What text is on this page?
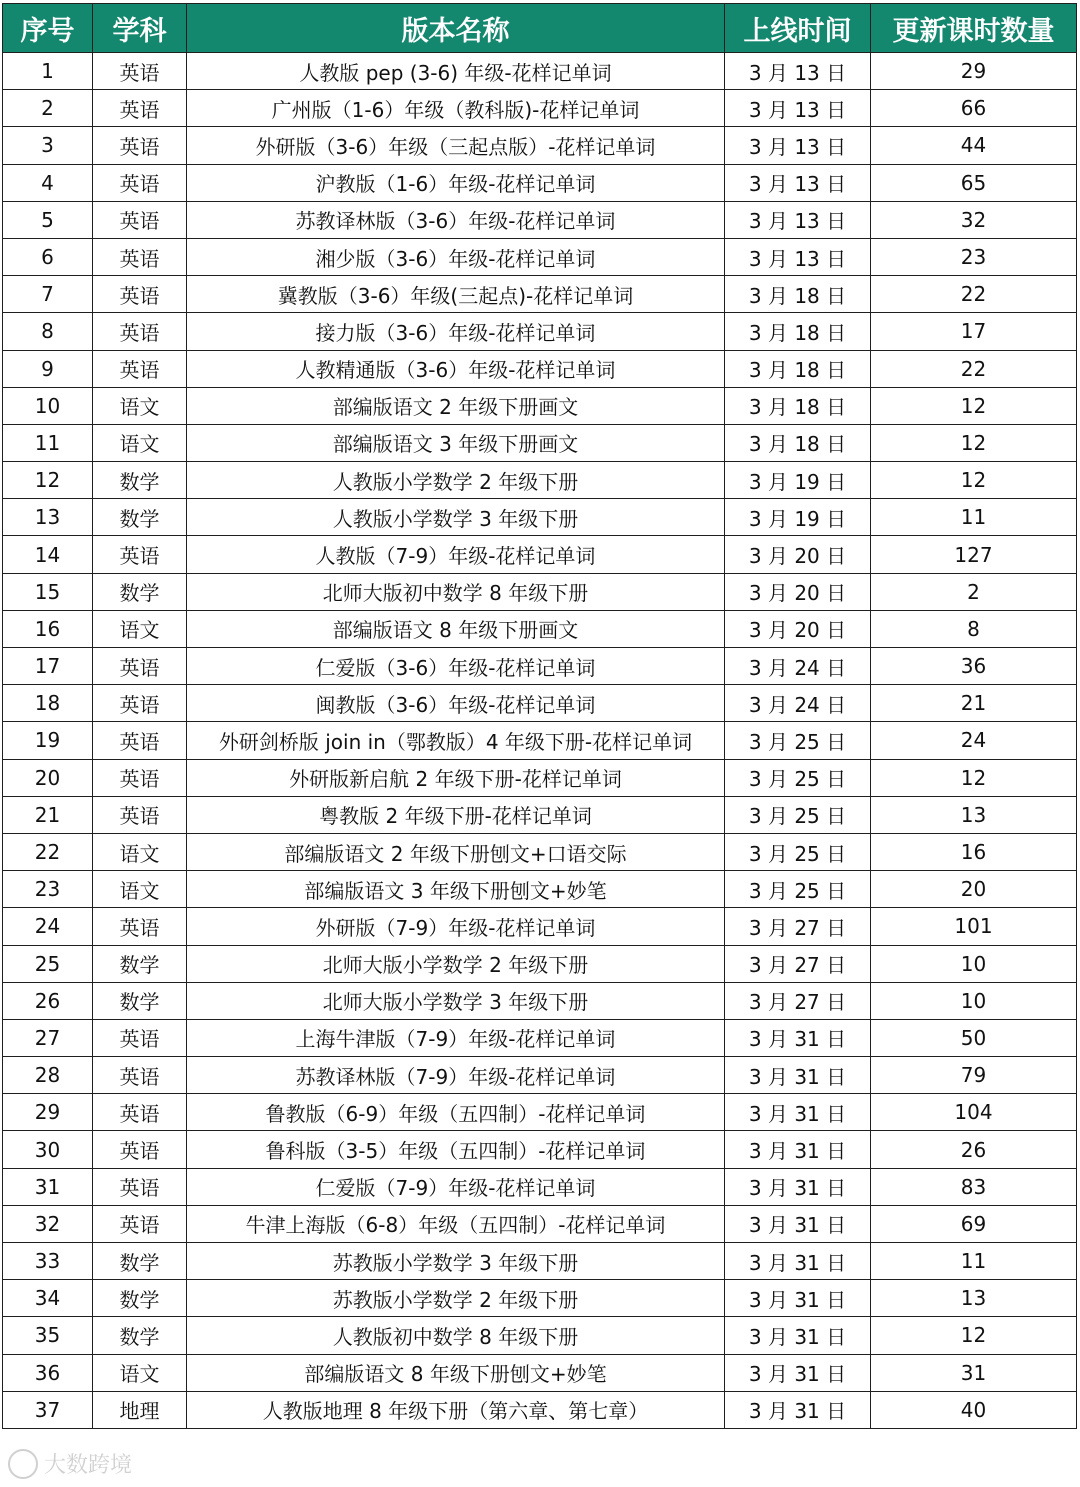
序号	学科	版本名称	上线时间	更新课时数量
1	英语	人教版 pep (3-6) 年级-花样记单词	3 月 13 日	29
2	英语	广州版（1-6）年级（教科版)-花样记单词	3 月 13 日	66
3	英语	外研版（3-6）年级（三起点版）-花样记单词	3 月 13 日	44
4	英语	沪教版（1-6）年级-花样记单词	3 月 13 日	65
5	英语	苏教译林版（3-6）年级-花样记单词	3 月 13 日	32
6	英语	湘少版（3-6）年级-花样记单词	3 月 13 日	23
7	英语	冀教版（3-6）年级(三起点)-花样记单词	3 月 18 日	22
8	英语	接力版（3-6）年级-花样记单词	3 月 18 日	17
9	英语	人教精通版（3-6）年级-花样记单词	3 月 18 日	22
10	语文	部编版语文 2 年级下册画文	3 月 18 日	12
11	语文	部编版语文 3 年级下册画文	3 月 18 日	12
12	数学	人教版小学数学 2 年级下册	3 月 19 日	12
13	数学	人教版小学数学 3 年级下册	3 月 19 日	11
14	英语	人教版（7-9）年级-花样记单词	3 月 20 日	127
15	数学	北师大版初中数学 8 年级下册	3 月 20 日	2
16	语文	部编版语文 8 年级下册画文	3 月 20 日	8
17	英语	仁爱版（3-6）年级-花样记单词	3 月 24 日	36
18	英语	闽教版（3-6）年级-花样记单词	3 月 24 日	21
19	英语	外研剑桥版 join in（鄂教版）4 年级下册-花样记单词	3 月 25 日	24
20	英语	外研版新启航 2 年级下册-花样记单词	3 月 25 日	12
21	英语	粤教版 2 年级下册-花样记单词	3 月 25 日	13
22	语文	部编版语文 2 年级下册刨文+口语交际	3 月 25 日	16
23	语文	部编版语文 3 年级下册刨文+妙笔	3 月 25 日	20
24	英语	外研版（7-9）年级-花样记单词	3 月 27 日	101
25	数学	北师大版小学数学 2 年级下册	3 月 27 日	10
26	数学	北师大版小学数学 3 年级下册	3 月 27 日	10
27	英语	上海牛津版（7-9）年级-花样记单词	3 月 31 日	50
28	英语	苏教译林版（7-9）年级-花样记单词	3 月 31 日	79
29	英语	鲁教版（6-9）年级（五四制）-花样记单词	3 月 31 日	104
30	英语	鲁科版（3-5）年级（五四制）-花样记单词	3 月 31 日	26
31	英语	仁爱版（7-9）年级-花样记单词	3 月 31 日	83
32	英语	牛津上海版（6-8）年级（五四制）-花样记单词	3 月 31 日	69
33	数学	苏教版小学数学 3 年级下册	3 月 31 日	11
34	数学	苏教版小学数学 2 年级下册	3 月 31 日	13
35	数学	人教版初中数学 8 年级下册	3 月 31 日	12
36	语文	部编版语文 8 年级下册刨文+妙笔	3 月 31 日	31
37	地理	人教版地理 8 年级下册（第六章、第七章）	3 月 31 日	40
大数跨境
